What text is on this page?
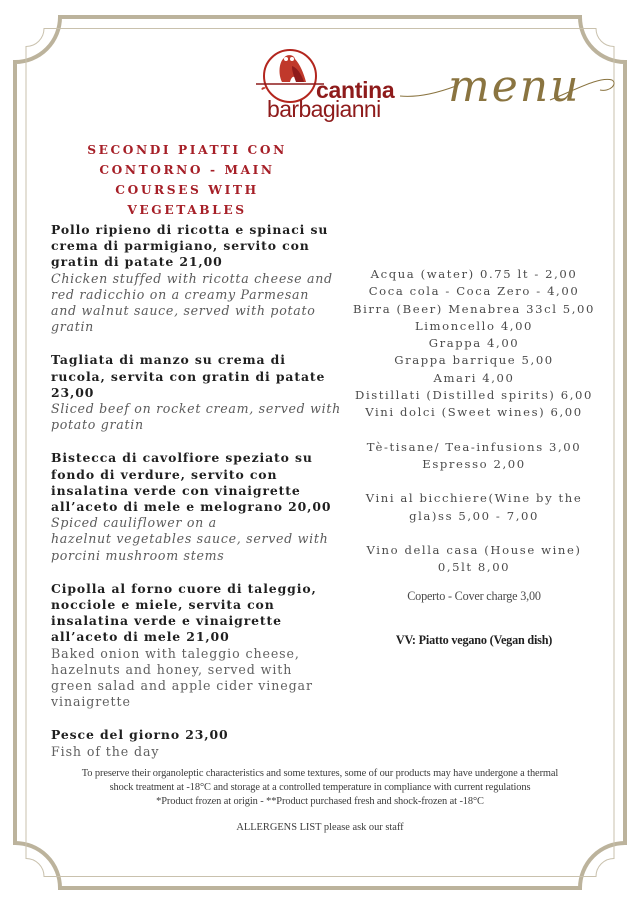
cantina
barbagianni menu
SECONDI PIATTI CON
CONTORNO - MAIN
COURSES WITH VEGETABLES
Pollo ripieno di ricotta e spinaci su
crema di parmigiano, servito con
gratin di patate 21,00
Chicken stuffed with ricotta cheese and
red radicchio on a creamy Parmesan
and walnut sauce, served with potato
gratin
Tagliata di manzo su crema di
rucola, servita con gratin di patate
23,00
Sliced beef on rocket cream, served with
potato gratin
Bistecca di cavolfiore speziato su
fondo di verdure, servito con
insalatina verde con vinaigrette
all’aceto di mele e melograno 20,00
Spiced cauliflower on a
hazelnut vegetables sauce, served with
porcini mushroom stems
Cipolla al forno cuore di taleggio,
nocciole e miele, servita con
insalatina verde e vinaigrette
all’aceto di mele 21,00
Baked onion with taleggio cheese,
hazelnuts and honey, served with
green salad and apple cider vinegar
vinaigrette
Pesce del giorno 23,00
Fish of the day
Acqua (water) 0.75 lt - 2,00
Coca cola - Coca Zero - 4,00
Birra (Beer) Menabrea 33cl 5,00
Limoncello 4,00
Grappa 4,00
Grappa barrique 5,00
Amari 4,00
Distillati (Distilled spirits) 6,00
Vini dolci (Sweet wines) 6,00
Tè-tisane/ Tea-infusions 3,00
Espresso 2,00
Vini al bicchiere(Wine by the
gla)ss 5,00 - 7,00
Vino della casa (House wine)
0,5lt 8,00
Coperto - Cover charge 3,00
VV: Piatto vegano (Vegan dish)
To preserve their organoleptic characteristics and some textures, some of our products may have undergone a thermal
shock treatment at -18°C and storage at a controlled temperature in compliance with current regulations
*Product frozen at origin - **Product purchased fresh and shock-frozen at -18°C
ALLERGENS LIST please ask our staff
